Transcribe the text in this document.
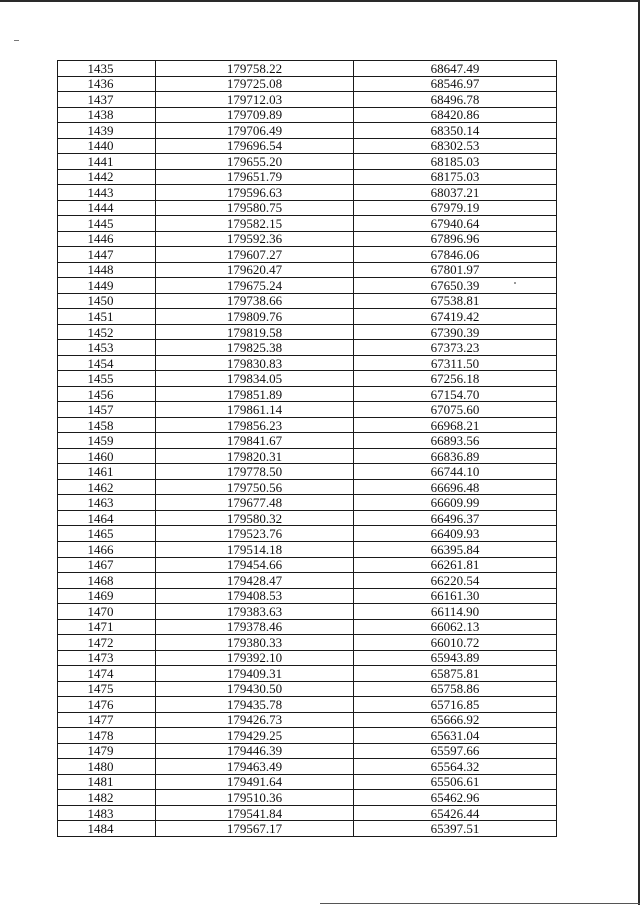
1435	179758.22	68647.49
1436	179725.08	68546.97
1437	179712.03	68496.78
1438	179709.89	68420.86
1439	179706.49	68350.14
1440	179696.54	68302.53
1441	179655.20	68185.03
1442	179651.79	68175.03
1443	179596.63	68037.21
1444	179580.75	67979.19
1445	179582.15	67940.64
1446	179592.36	67896.96
1447	179607.27	67846.06
1448	179620.47	67801.97
1449	179675.24	67650.39
1450	179738.66	67538.81
1451	179809.76	67419.42
1452	179819.58	67390.39
1453	179825.38	67373.23
1454	179830.83	67311.50
1455	179834.05	67256.18
1456	179851.89	67154.70
1457	179861.14	67075.60
1458	179856.23	66968.21
1459	179841.67	66893.56
1460	179820.31	66836.89
1461	179778.50	66744.10
1462	179750.56	66696.48
1463	179677.48	66609.99
1464	179580.32	66496.37
1465	179523.76	66409.93
1466	179514.18	66395.84
1467	179454.66	66261.81
1468	179428.47	66220.54
1469	179408.53	66161.30
1470	179383.63	66114.90
1471	179378.46	66062.13
1472	179380.33	66010.72
1473	179392.10	65943.89
1474	179409.31	65875.81
1475	179430.50	65758.86
1476	179435.78	65716.85
1477	179426.73	65666.92
1478	179429.25	65631.04
1479	179446.39	65597.66
1480	179463.49	65564.32
1481	179491.64	65506.61
1482	179510.36	65462.96
1483	179541.84	65426.44
1484	179567.17	65397.51
